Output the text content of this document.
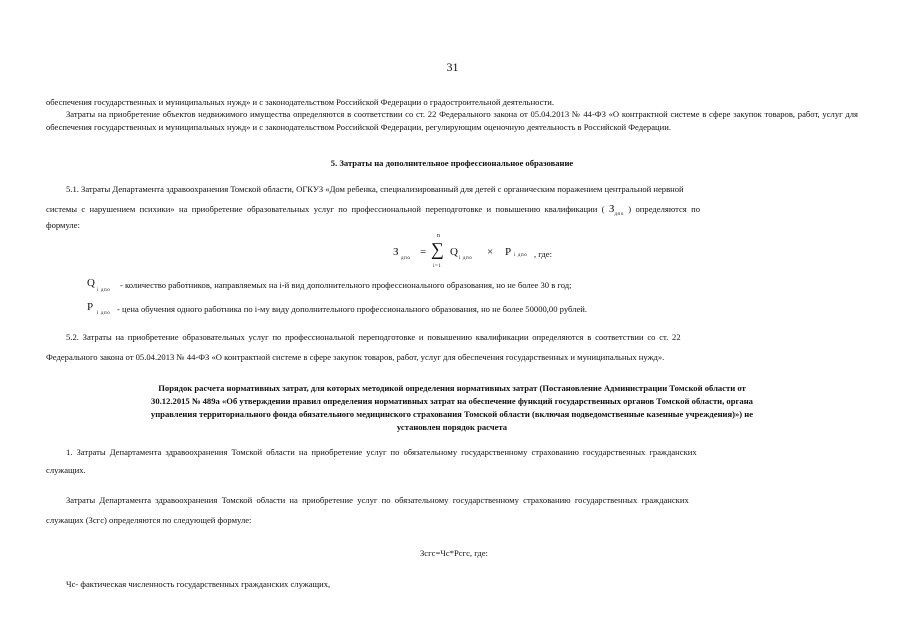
31
обеспечения государственных и муниципальных нужд» и с законодательством Российской Федерации о градостроительной деятельности.
Затраты на приобретение объектов недвижимого имущества определяются в соответствии со ст. 22 Федерального закона от 05.04.2013 № 44-ФЗ «О контрактной системе в сфере закупок товаров, работ, услуг для обеспечения государственных и муниципальных нужд» и с законодательством Российской Федерации, регулирующим оценочную деятельность в Российской Федерации.
5. Затраты на дополнительное профессиональное образование
5.1. Затраты Департамента здравоохранения Томской области, ОГКУЗ «Дом ребенка, специализированный для детей с органическим поражением центральной нервной
системы с нарушением психики» на приобретение образовательных услуг по профессиональной переподготовке и повышению квалификации ( $З_{дпо}$ ) определяются по
формуле:
З
дпо
=
n
∑
i=1
Q
i дпо
× P i дпо , где:
Q
i дпо
- количество работников, направляемых на i-й вид дополнительного профессионального образования, но не более 30 в год;
P
i дпо - цена обучения одного работника по i-му виду дополнительного профессионального образования, но не более 50000,00 рублей.
5.2. Затраты на приобретение образовательных услуг по профессиональной переподготовке и повышению квалификации определяются в соответствии со ст. 22
Федерального закона от 05.04.2013 № 44-ФЗ «О контрактной системе в сфере закупок товаров, работ, услуг для обеспечения государственных и муниципальных нужд».
Порядок расчета нормативных затрат, для которых методикой определения нормативных затрат (Постановление Администрации Томской области от
30.12.2015 № 489а «Об утверждении правил определения нормативных затрат на обеспечение функций государственных органов Томской области, органа
управления территориального фонда обязательного медицинского страхования Томской области (включая подведомственные казенные учреждения)») не
установлен порядок расчета
1. Затраты Департамента здравоохранения Томской области на приобретение услуг по обязательному государственному страхованию государственных гражданских
служащих.
Затраты Департамента здравоохранения Томской области на приобретение услуг по обязательному государственному страхованию государственных гражданских
служащих (Зсгс) определяются по следующей формуле:
Зсгс=Чс*Рсгс, где:
Чс- фактическая численность государственных гражданских служащих,
